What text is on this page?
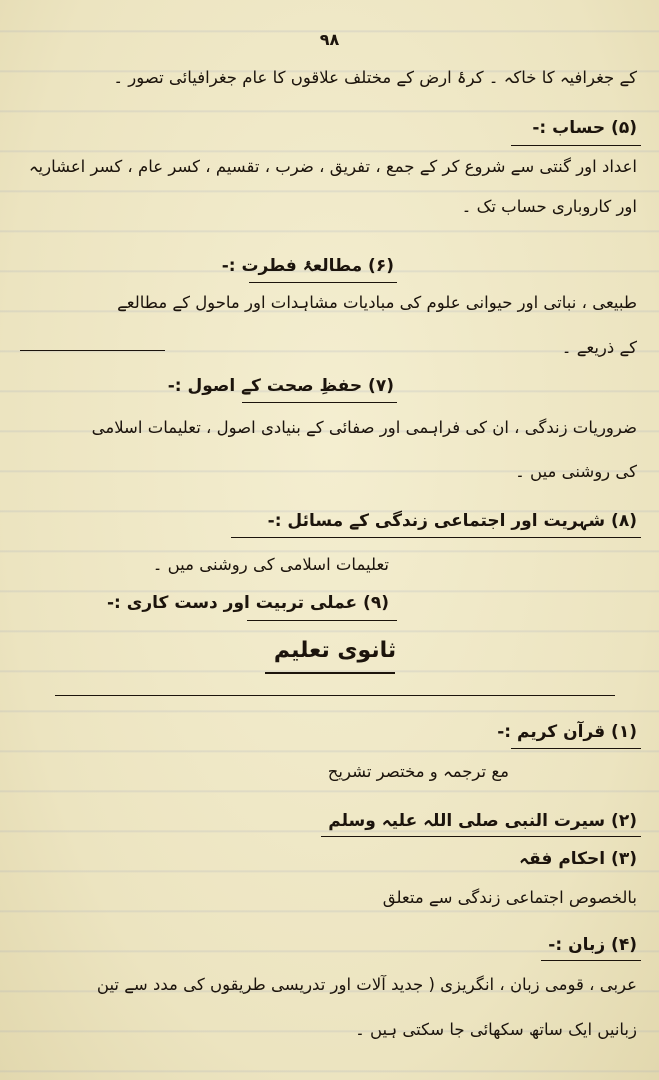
۹۸
کے جغرافیہ کا خاکہ ۔ کرۂ ارض کے مختلف علاقوں کا عام جغرافیائی تصور ۔
(۵) حساب :-
اعداد اور گنتی سے شروع کر کے جمع ، تفریق ، ضرب ، تقسیم ، کسر عام ، کسر اعشاریہ
اور کاروباری حساب تک ۔
(۶) مطالعۂ فطرت :-
طبیعی ، نباتی اور حیوانی علوم کی مبادیات مشاہدات اور ماحول کے مطالعے
کے ذریعے ۔
(۷) حفظِ صحت کے اصول :-
ضروریات زندگی ، ان کی فراہمی اور صفائی کے بنیادی اصول ، تعلیمات اسلامی
کی روشنی میں ۔
(۸) شہریت اور اجتماعی زندگی کے مسائل :-
تعلیمات اسلامی کی روشنی میں ۔
(۹) عملی تربیت اور دست کاری :-
ثانوی تعلیم
(۱) قرآن کریم :-
مع ترجمہ و مختصر تشریح
(۲) سیرت النبی صلی اللہ علیہ وسلم
(۳) احکام فقہ
بالخصوص اجتماعی زندگی سے متعلق
(۴) زبان :-
عربی ، قومی زبان ، انگریزی ( جدید آلات اور تدریسی طریقوں کی مدد سے تین
زبانیں ایک ساتھ سکھائی جا سکتی ہیں ۔
